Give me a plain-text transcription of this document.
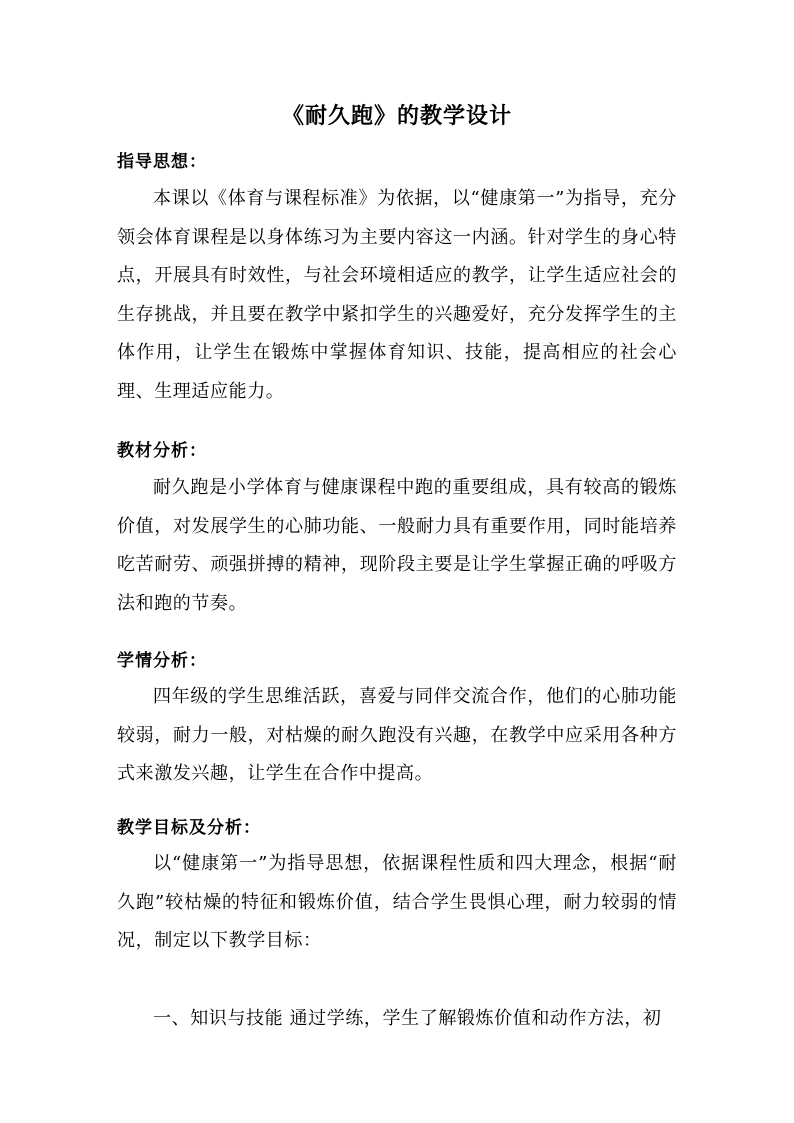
《耐久跑》的教学设计
指导思想：

本课以《体育与课程标准》为依据，以“健康第一”为指导，充分领会体育课程是以身体练习为主要内容这一内涵。针对学生的身心特点，开展具有时效性，与社会环境相适应的教学，让学生适应社会的生存挑战，并且要在教学中紧扣学生的兴趣爱好，充分发挥学生的主体作用，让学生在锻炼中掌握体育知识、技能，提高相应的社会心理、生理适应能力。

教材分析：

耐久跑是小学体育与健康课程中跑的重要组成，具有较高的锻炼价值，对发展学生的心肺功能、一般耐力具有重要作用，同时能培养吃苦耐劳、顽强拼搏的精神，现阶段主要是让学生掌握正确的呼吸方法和跑的节奏。

学情分析：

四年级的学生思维活跃，喜爱与同伴交流合作，他们的心肺功能较弱，耐力一般，对枯燥的耐久跑没有兴趣，在教学中应采用各种方式来激发兴趣，让学生在合作中提高。

教学目标及分析：

以“健康第一”为指导思想，依据课程性质和四大理念，根据“耐久跑”较枯燥的特征和锻炼价值，结合学生畏惧心理，耐力较弱的情况，制定以下教学目标：

一、知识与技能 通过学练，学生了解锻炼价值和动作方法，初
